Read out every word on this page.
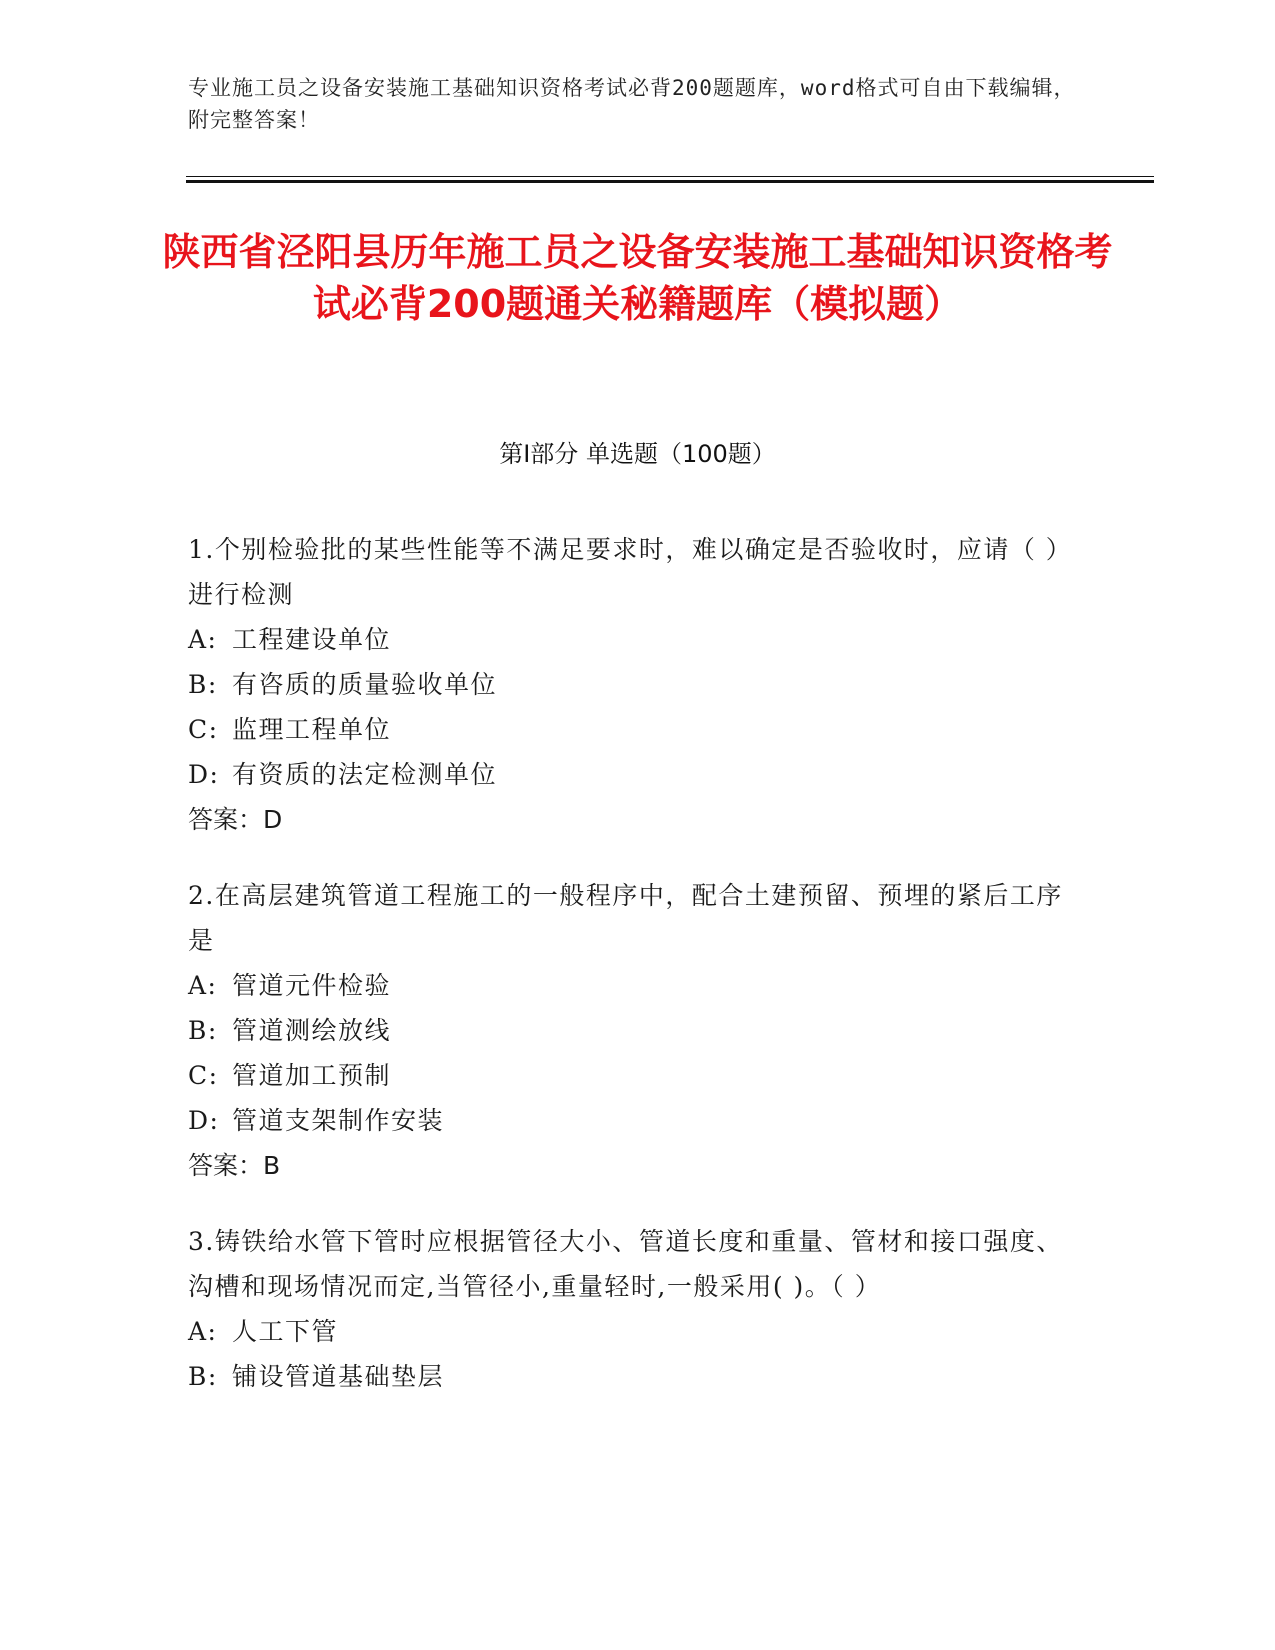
专业施工员之设备安装施工基础知识资格考试必背200题题库，word格式可自由下载编辑，附完整答案！
陕西省泾阳县历年施工员之设备安装施工基础知识资格考试必背200题通关秘籍题库（模拟题）
第Ⅰ部分 单选题（100题）

1.个别检验批的某些性能等不满足要求时，难以确定是否验收时，应请（ ）进行检测

A: 工程建设单位

B: 有咨质的质量验收单位

C: 监理工程单位

D: 有资质的法定检测单位

答案：D

2.在高层建筑管道工程施工的一般程序中，配合土建预留、预埋的紧后工序是

A: 管道元件检验

B: 管道测绘放线

C: 管道加工预制

D: 管道支架制作安装

答案：B

3.铸铁给水管下管时应根据管径大小、管道长度和重量、管材和接口强度、沟槽和现场情况而定,当管径小,重量轻时,一般采用( )。（ ）

A: 人工下管

B: 铺设管道基础垫层
